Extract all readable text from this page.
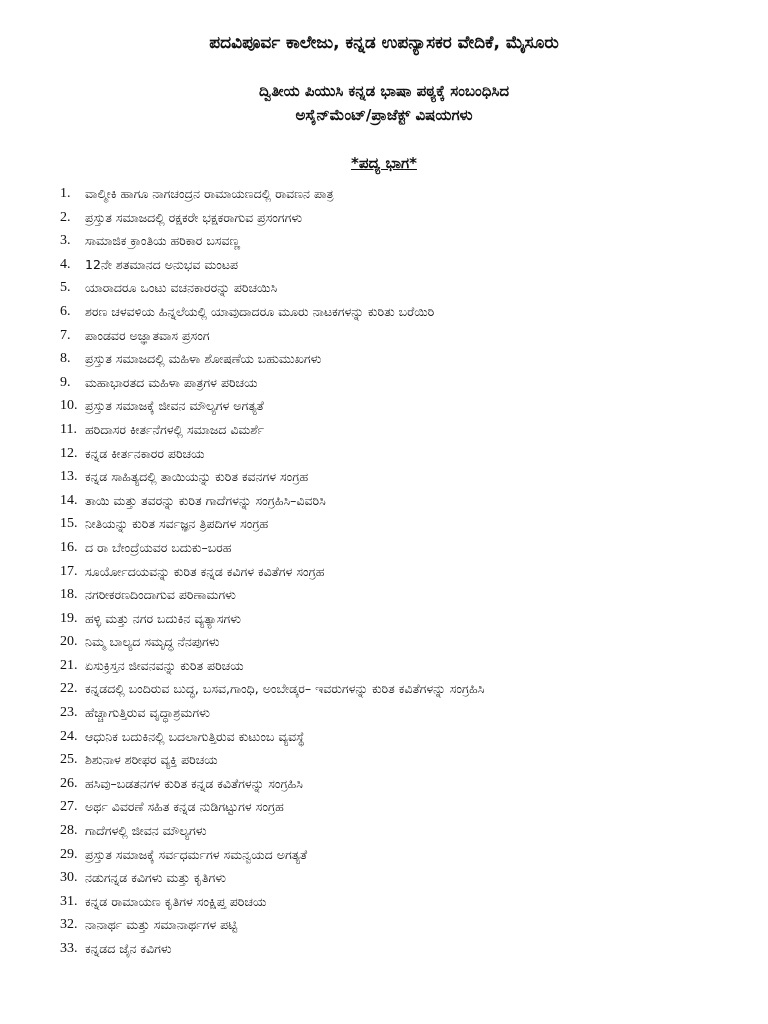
ಪದವಿಪೂರ್ವ ಕಾಲೇಜು, ಕನ್ನಡ ಉಪನ್ಯಾಸಕರ ವೇದಿಕೆ, ಮೈಸೂರು
ದ್ವಿತೀಯ ಪಿಯುಸಿ ಕನ್ನಡ ಭಾಷಾ ಪಠ್ಯಕ್ಕೆ ಸಂಬಂಧಿಸಿದ
ಅಸೈನ್‌ಮೆಂಟ್/ಪ್ರಾಜೆಕ್ಟ್ ವಿಷಯಗಳು
*ಪದ್ಯ ಭಾಗ*
1.	ವಾಲ್ಮೀಕಿ ಹಾಗೂ ನಾಗಚಂದ್ರನ ರಾಮಾಯಣದಲ್ಲಿ ರಾವಣನ ಪಾತ್ರ
2.	ಪ್ರಸ್ತುತ ಸಮಾಜದಲ್ಲಿ ರಕ್ಷಕರೇ ಭಕ್ಷಕರಾಗುವ ಪ್ರಸಂಗಗಳು
3.	ಸಾಮಾಜಿಕ ಕ್ರಾಂತಿಯ ಹರಿಕಾರ ಬಸವಣ್ಣ
4.	12ನೇ ಶತಮಾನದ ಅನುಭವ ಮಂಟಪ
5.	ಯಾರಾದರೂ ಒಂಟು ವಚನಕಾರರನ್ನು ಪರಿಚಯಿಸಿ
6.	ಶರಣ ಚಳವಳಿಯ ಹಿನ್ನಲೆಯಲ್ಲಿ ಯಾವುದಾದರೂ ಮೂರು ನಾಟಕಗಳನ್ನು ಕುರಿತು ಬರೆಯಿರಿ
7.	ಪಾಂಡವರ ಅಜ್ಞಾತವಾಸ ಪ್ರಸಂಗ
8.	ಪ್ರಸ್ತುತ ಸಮಾಜದಲ್ಲಿ ಮಹಿಳಾ ಶೋಷಣೆಯ ಬಹುಮುಖಗಳು
9.	ಮಹಾಭಾರತದ ಮಹಿಳಾ ಪಾತ್ರಗಳ ಪರಿಚಯ
10. ಪ್ರಸ್ತುತ ಸಮಾಜಕ್ಕೆ ಜೀವನ ಮೌಲ್ಯಗಳ ಅಗತ್ಯತೆ
11. ಹರಿದಾಸರ ಕೀರ್ತನೆಗಳಲ್ಲಿ ಸಮಾಜದ ವಿಮರ್ಶೆ
12. ಕನ್ನಡ ಕೀರ್ತನಕಾರರ ಪರಿಚಯ
13. ಕನ್ನಡ ಸಾಹಿತ್ಯದಲ್ಲಿ ತಾಯಿಯನ್ನು ಕುರಿತ ಕವನಗಳ ಸಂಗ್ರಹ
14. ತಾಯಿ ಮತ್ತು ತವರನ್ನು ಕುರಿತ ಗಾದೆಗಳನ್ನು ಸಂಗ್ರಹಿಸಿ–ವಿವರಿಸಿ
15. ನೀತಿಯನ್ನು ಕುರಿತ ಸರ್ವಜ್ಞನ ತ್ರಿಪದಿಗಳ ಸಂಗ್ರಹ
16. ದ ರಾ ಬೇಂದ್ರೆಯವರ ಬದುಕು–ಬರಹ
17. ಸೂರ್ಯೋದಯವನ್ನು ಕುರಿತ ಕನ್ನಡ ಕವಿಗಳ ಕವಿತೆಗಳ ಸಂಗ್ರಹ
18. ನಗರೀಕರಣದಿಂದಾಗುವ ಪರಿಣಾಮಗಳು
19. ಹಳ್ಳಿ ಮತ್ತು ನಗರ ಬದುಕಿನ ವ್ಯತ್ಯಾಸಗಳು
20. ನಿಮ್ಮ ಬಾಲ್ಯದ ಸಮೃದ್ಧ ನೆನಪುಗಳು
21. ಏಸುಕ್ರಿಸ್ತನ ಜೀವನವನ್ನು ಕುರಿತ ಪರಿಚಯ
22. ಕನ್ನಡದಲ್ಲಿ ಬಂದಿರುವ ಬುದ್ಧ, ಬಸವ,ಗಾಂಧಿ, ಅಂಬೇಡ್ಕರ– ಇವರುಗಳನ್ನು ಕುರಿತ ಕವಿತೆಗಳನ್ನು ಸಂಗ್ರಹಿಸಿ
23. ಹೆಚ್ಚಾಗುತ್ತಿರುವ ವೃದ್ಧಾಶ್ರಮಗಳು
24. ಆಧುನಿಕ ಬದುಕಿನಲ್ಲಿ ಬದಲಾಗುತ್ತಿರುವ ಕುಟುಂಬ ವ್ಯವಸ್ಥೆ
25. ಶಿಶುನಾಳ ಶರೀಫರ ವ್ಯಕ್ತಿ ಪರಿಚಯ
26. ಹಸಿವು–ಬಡತನಗಳ ಕುರಿತ ಕನ್ನಡ ಕವಿತೆಗಳನ್ನು ಸಂಗ್ರಹಿಸಿ
27. ಅರ್ಥ ವಿವರಣೆ ಸಹಿತ ಕನ್ನಡ ನುಡಿಗಟ್ಟುಗಳ ಸಂಗ್ರಹ
28. ಗಾದೆಗಳಲ್ಲಿ ಜೀವನ ಮೌಲ್ಯಗಳು
29. ಪ್ರಸ್ತುತ ಸಮಾಜಕ್ಕೆ ಸರ್ವಧರ್ಮಗಳ ಸಮನ್ವಯದ ಅಗತ್ಯತೆ
30. ನಡುಗನ್ನಡ ಕವಿಗಳು ಮತ್ತು ಕೃತಿಗಳು
31. ಕನ್ನಡ ರಾಮಾಯಣ ಕೃತಿಗಳ ಸಂಕ್ಷಿಪ್ತ ಪರಿಚಯ
32. ನಾನಾರ್ಥ ಮತ್ತು ಸಮಾನಾರ್ಥಗಳ ಪಟ್ಟಿ
33. ಕನ್ನಡದ ಜೈನ ಕವಿಗಳು
